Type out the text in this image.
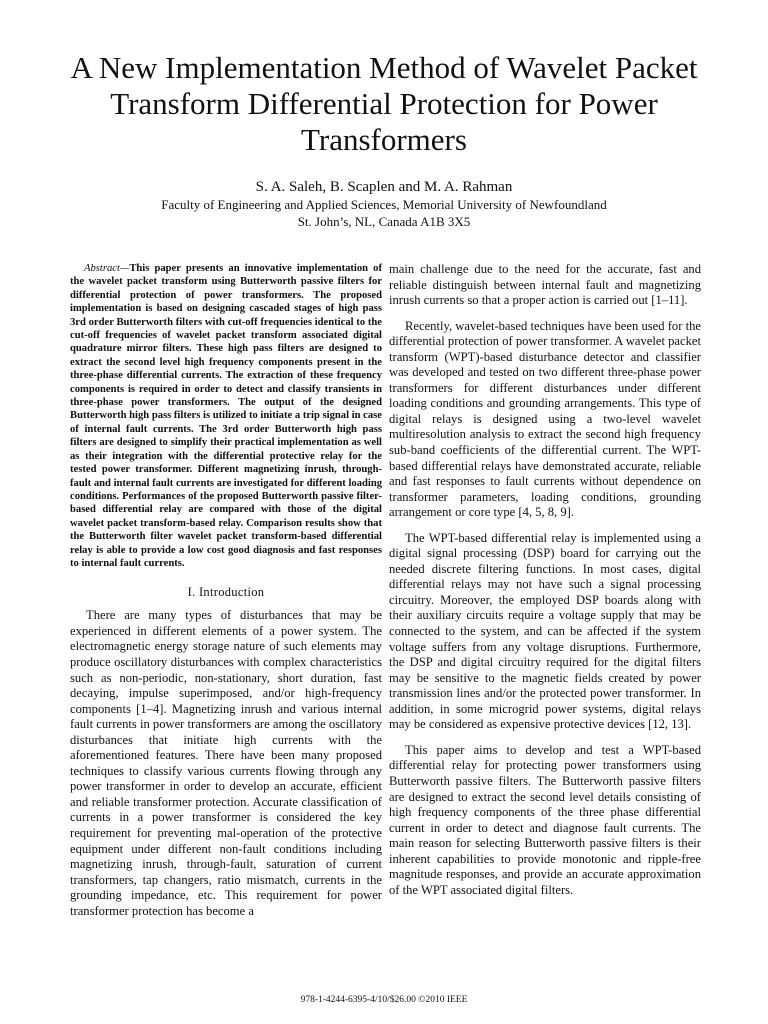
A New Implementation Method of Wavelet Packet Transform Differential Protection for Power Transformers
S. A. Saleh, B. Scaplen and M. A. Rahman
Faculty of Engineering and Applied Sciences, Memorial University of Newfoundland
St. John’s, NL, Canada A1B 3X5

Abstract—This paper presents an innovative implementation of the wavelet packet transform using Butterworth passive filters for differential protection of power transformers. The proposed implementation is based on designing cascaded stages of high pass 3rd order Butterworth filters with cut-off frequencies identical to the cut-off frequencies of wavelet packet transform associated digital quadrature mirror filters. These high pass filters are designed to extract the second level high frequency components present in the three-phase differential currents. The extraction of these frequency components is required in order to detect and classify transients in three-phase power transformers. The output of the designed Butterworth high pass filters is utilized to initiate a trip signal in case of internal fault currents. The 3rd order Butterworth high pass filters are designed to simplify their practical implementation as well as their integration with the differential protective relay for the tested power transformer. Different magnetizing inrush, through-fault and internal fault currents are investigated for different loading conditions. Performances of the proposed Butterworth passive filter-based differential relay are compared with those of the digital wavelet packet transform-based relay. Comparison results show that the Butterworth filter wavelet packet transform-based differential relay is able to provide a low cost good diagnosis and fast responses to internal fault currents.

I. Introduction

There are many types of disturbances that may be experienced in different elements of a power system. The electromagnetic energy storage nature of such elements may produce oscillatory disturbances with complex characteristics such as non-periodic, non-stationary, short duration, fast decaying, impulse superimposed, and/or high-frequency components [1–4]. Magnetizing inrush and various internal fault currents in power transformers are among the oscillatory disturbances that initiate high currents with the aforementioned features. There have been many proposed techniques to classify various currents flowing through any power transformer in order to develop an accurate, efficient and reliable transformer protection. Accurate classification of currents in a power transformer is considered the key requirement for preventing mal-operation of the protective equipment under different non-fault conditions including magnetizing inrush, through-fault, saturation of current transformers, tap changers, ratio mismatch, currents in the grounding impedance, etc. This requirement for power transformer protection has become a

main challenge due to the need for the accurate, fast and reliable distinguish between internal fault and magnetizing inrush currents so that a proper action is carried out [1–11].

Recently, wavelet-based techniques have been used for the differential protection of power transformer. A wavelet packet transform (WPT)-based disturbance detector and classifier was developed and tested on two different three-phase power transformers for different disturbances under different loading conditions and grounding arrangements. This type of digital relays is designed using a two-level wavelet multiresolution analysis to extract the second high frequency sub-band coefficients of the differential current. The WPT-based differential relays have demonstrated accurate, reliable and fast responses to fault currents without dependence on transformer parameters, loading conditions, grounding arrangement or core type [4, 5, 8, 9].

The WPT-based differential relay is implemented using a digital signal processing (DSP) board for carrying out the needed discrete filtering functions. In most cases, digital differential relays may not have such a signal processing circuitry. Moreover, the employed DSP boards along with their auxiliary circuits require a voltage supply that may be connected to the system, and can be affected if the system voltage suffers from any voltage disruptions. Furthermore, the DSP and digital circuitry required for the digital filters may be sensitive to the magnetic fields created by power transmission lines and/or the protected power transformer. In addition, in some microgrid power systems, digital relays may be considered as expensive protective devices [12, 13].

This paper aims to develop and test a WPT-based differential relay for protecting power transformers using Butterworth passive filters. The Butterworth passive filters are designed to extract the second level details consisting of high frequency components of the three phase differential current in order to detect and diagnose fault currents. The main reason for selecting Butterworth passive filters is their inherent capabilities to provide monotonic and ripple-free magnitude responses, and provide an accurate approximation of the WPT associated digital filters.

978-1-4244-6395-4/10/$26.00 ©2010 IEEE
